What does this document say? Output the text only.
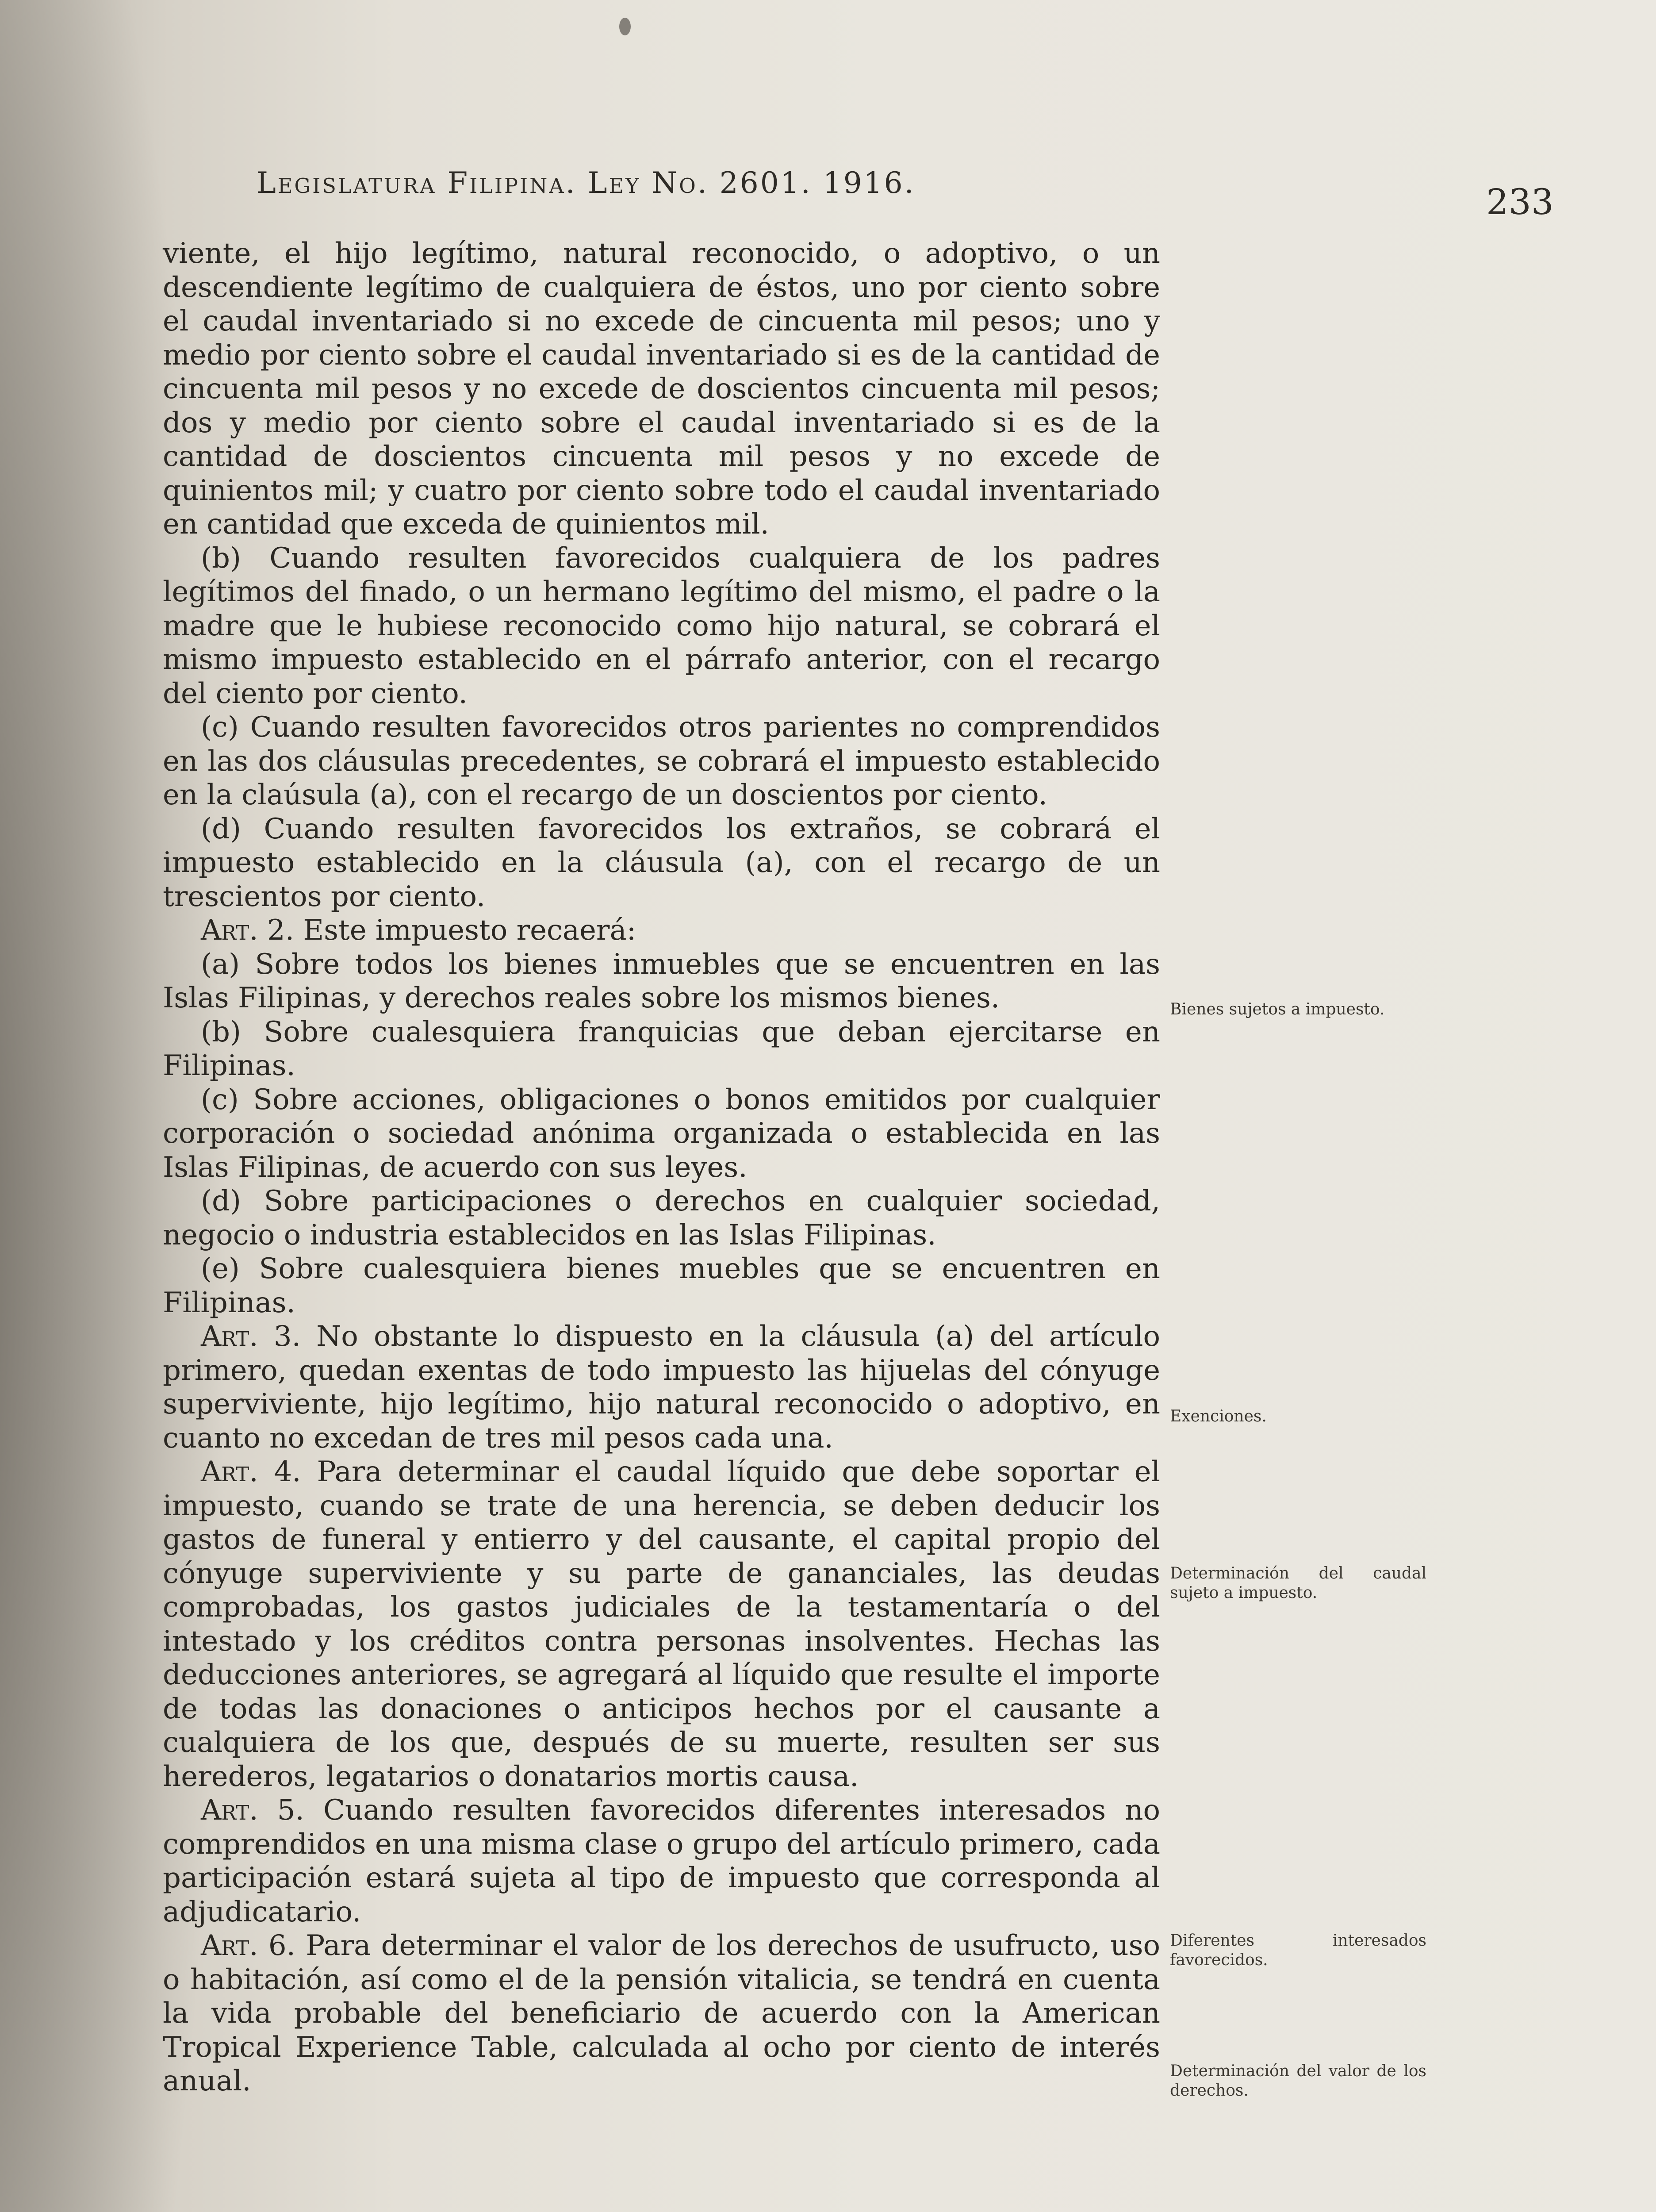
Legislatura Filipina. Ley No. 2601. 1916.	233

viente, el hijo legítimo, natural reconocido, o adoptivo, o un descendiente legítimo de cualquiera de éstos, uno por ciento sobre el caudal inventariado si no excede de cincuenta mil pesos; uno y medio por ciento sobre el caudal inventariado si es de la cantidad de cincuenta mil pesos y no excede de doscientos cincuenta mil pesos; dos y medio por ciento sobre el caudal inventariado si es de la cantidad de doscientos cincuenta mil pesos y no excede de quinientos mil; y cuatro por ciento sobre todo el caudal inventariado en cantidad que exceda de quinientos mil.

(b) Cuando resulten favorecidos cualquiera de los padres legítimos del finado, o un hermano legítimo del mismo, el padre o la madre que le hubiese reconocido como hijo natural, se cobrará el mismo impuesto establecido en el párrafo anterior, con el recargo del ciento por ciento.

(c) Cuando resulten favorecidos otros parientes no comprendidos en las dos cláusulas precedentes, se cobrará el impuesto establecido en la claúsula (a), con el recargo de un doscientos por ciento.

(d) Cuando resulten favorecidos los extraños, se cobrará el impuesto establecido en la cláusula (a), con el recargo de un trescientos por ciento.

Art. 2. Este impuesto recaerá:

(a) Sobre todos los bienes inmuebles que se encuentren en las Islas Filipinas, y derechos reales sobre los mismos bienes.

(b) Sobre cualesquiera franquicias que deban ejercitarse en Filipinas.

(c) Sobre acciones, obligaciones o bonos emitidos por cualquier corporación o sociedad anónima organizada o establecida en las Islas Filipinas, de acuerdo con sus leyes.

(d) Sobre participaciones o derechos en cualquier sociedad, negocio o industria establecidos en las Islas Filipinas.

(e) Sobre cualesquiera bienes muebles que se encuentren en Filipinas.

Art. 3. No obstante lo dispuesto en la cláusula (a) del artículo primero, quedan exentas de todo impuesto las hijuelas del cónyuge superviviente, hijo legítimo, hijo natural reconocido o adoptivo, en cuanto no excedan de tres mil pesos cada una.

Art. 4. Para determinar el caudal líquido que debe soportar el impuesto, cuando se trate de una herencia, se deben deducir los gastos de funeral y entierro y del causante, el capital propio del cónyuge superviviente y su parte de gananciales, las deudas comprobadas, los gastos judiciales de la testamentaría o del intestado y los créditos contra personas insolventes. Hechas las deducciones anteriores, se agregará al líquido que resulte el importe de todas las donaciones o anticipos hechos por el causante a cualquiera de los que, después de su muerte, resulten ser sus herederos, legatarios o donatarios mortis causa.

Art. 5. Cuando resulten favorecidos diferentes interesados no comprendidos en una misma clase o grupo del artículo primero, cada participación estará sujeta al tipo de impuesto que corresponda al adjudicatario.

Art. 6. Para determinar el valor de los derechos de usufructo, uso o habitación, así como el de la pensión vitalicia, se tendrá en cuenta la vida probable del beneficiario de acuerdo con la American Tropical Experience Table, calculada al ocho por ciento de interés anual.

Bienes sujetos a impuesto.
Exenciones.
Determinación del caudal sujeto a impuesto.
Diferentes interesados favorecidos.
Determinación del valor de los derechos.
